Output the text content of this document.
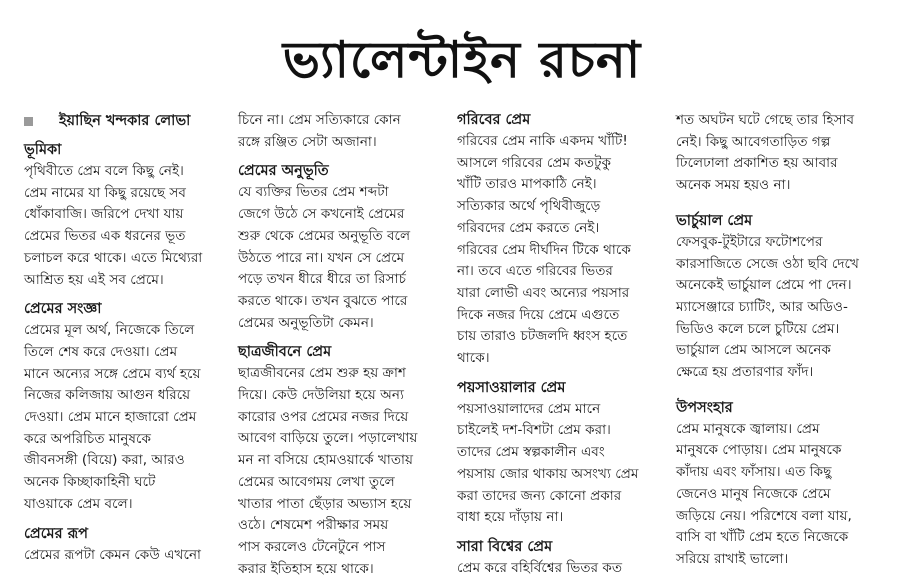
ভ্যালেন্টাইন রচনা
ইয়াছিন খন্দকার লোভা
ভূমিকা
পৃথিবীতে প্রেম বলে কিছু নেই।
প্রেম নামের যা কিছু রয়েছে সব
ধোঁকাবাজি। জরিপে দেখা যায়
প্রেমের ভিতর এক ধরনের ভূত
চলাচল করে থাকে। এতে মিথ্যেরা
আশ্রিত হয় এই সব প্রেমে।
প্রেমের সংজ্ঞা
প্রেমের মূল অর্থ, নিজেকে তিলে
তিলে শেষ করে দেওয়া। প্রেম
মানে অন্যের সঙ্গে প্রেমে ব্যর্থ হয়ে
নিজের কলিজায় আগুন ধরিয়ে
দেওয়া। প্রেম মানে হাজারো প্রেম
করে অপরিচিত মানুষকে
জীবনসঙ্গী (বিয়ে) করা, আরও
অনেক কিচ্ছাকাহিনী ঘটে
যাওয়াকে প্রেম বলে।
প্রেমের রূপ
প্রেমের রূপটা কেমন কেউ এখনো
চিনে না। প্রেম সত্যিকারে কোন
রঙ্গে রঞ্জিত সেটা অজানা।
প্রেমের অনুভূতি
যে ব্যক্তির ভিতর প্রেম শব্দটা
জেগে উঠে সে কখনোই প্রেমের
শুরু থেকে প্রেমের অনুভূতি বলে
উঠতে পারে না। যখন সে প্রেমে
পড়ে তখন ধীরে ধীরে তা রিসার্চ
করতে থাকে। তখন বুঝতে পারে
প্রেমের অনুভূতিটা কেমন।
ছাত্রজীবনে প্রেম
ছাত্রজীবনের প্রেম শুরু হয় ক্রাশ
দিয়ে। কেউ দেউলিয়া হয়ে অন্য
কারোর ওপর প্রেমের নজর দিয়ে
আবেগ বাড়িয়ে তুলে। পড়ালেখায়
মন না বসিয়ে হোমওয়ার্কে খাতায়
প্রেমের আবেগময় লেখা তুলে
খাতার পাতা ছেঁড়ার অভ্যাস হয়ে
ওঠে। শেষমেশ পরীক্ষার সময়
পাস করলেও টেনেটুনে পাস
করার ইতিহাস হয়ে থাকে।
গরিবের প্রেম
গরিবের প্রেম নাকি একদম খাঁটি!
আসলে গরিবের প্রেম কতটুকু
খাঁটি তারও মাপকাঠি নেই।
সত্যিকার অর্থে পৃথিবীজুড়ে
গরিবদের প্রেম করতে নেই।
গরিবের প্রেম দীর্ঘদিন টিকে থাকে
না। তবে এতে গরিবের ভিতর
যারা লোভী এবং অন্যের পয়সার
দিকে নজর দিয়ে প্রেমে এগুতে
চায় তারাও চটজলদি ধ্বংস হতে
থাকে।
পয়সাওয়ালার প্রেম
পয়সাওয়ালাদের প্রেম মানে
চাইলেই দশ-বিশটা প্রেম করা।
তাদের প্রেম স্বল্পকালীন এবং
পয়সায় জোর থাকায় অসংখ্য প্রেম
করা তাদের জন্য কোনো প্রকার
বাধা হয়ে দাঁড়ায় না।
সারা বিশ্বের প্রেম
প্রেম করে বহির্বিশ্বের ভিতর কত
শত অঘটন ঘটে গেছে তার হিসাব
নেই। কিছু আবেগতাড়িত গল্প
ঢিলেঢালা প্রকাশিত হয় আবার
অনেক সময় হয়ও না।
ভার্চুয়াল প্রেম
ফেসবুক-টুইটারে ফটোশপের
কারসাজিতে সেজে ওঠা ছবি দেখে
অনেকেই ভার্চুয়াল প্রেমে পা দেন।
ম্যাসেঞ্জারে চ্যাটিং, আর অডিও-
ভিডিও কলে চলে চুটিয়ে প্রেম।
ভার্চুয়াল প্রেম আসলে অনেক
ক্ষেত্রে হয় প্রতারণার ফাঁদ।
উপসংহার
প্রেম মানুষকে জ্বালায়। প্রেম
মানুষকে পোড়ায়। প্রেম মানুষকে
কাঁদায় এবং ফাঁসায়। এত কিছু
জেনেও মানুষ নিজেকে প্রেমে
জড়িয়ে নেয়। পরিশেষে বলা যায়,
বাসি বা খাঁটি প্রেম হতে নিজেকে
সরিয়ে রাখাই ভালো।
